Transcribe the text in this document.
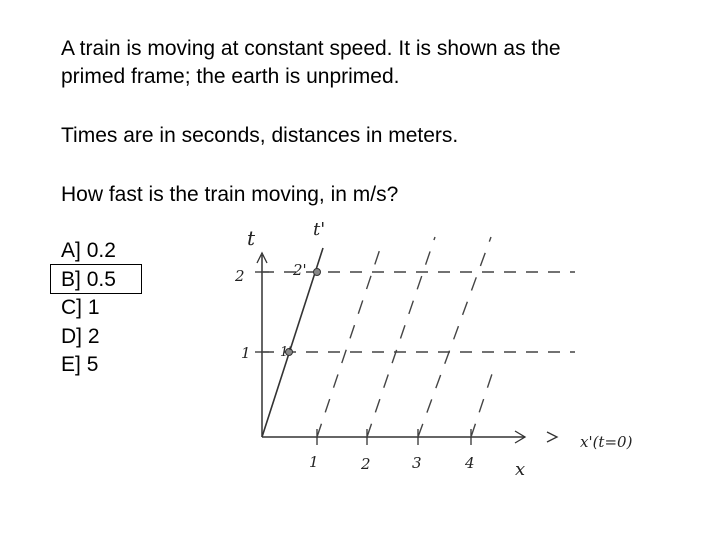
A train is moving at constant speed. It is shown as the
primed frame; the earth is unprimed.
Times are in seconds, distances in meters.
How fast is the train moving, in m/s?
A] 0.2
B] 0.5
C] 1
D] 2
E] 5
t
x'(t=0)
x
1	2	3	4
2
1
t'
2'
1'
